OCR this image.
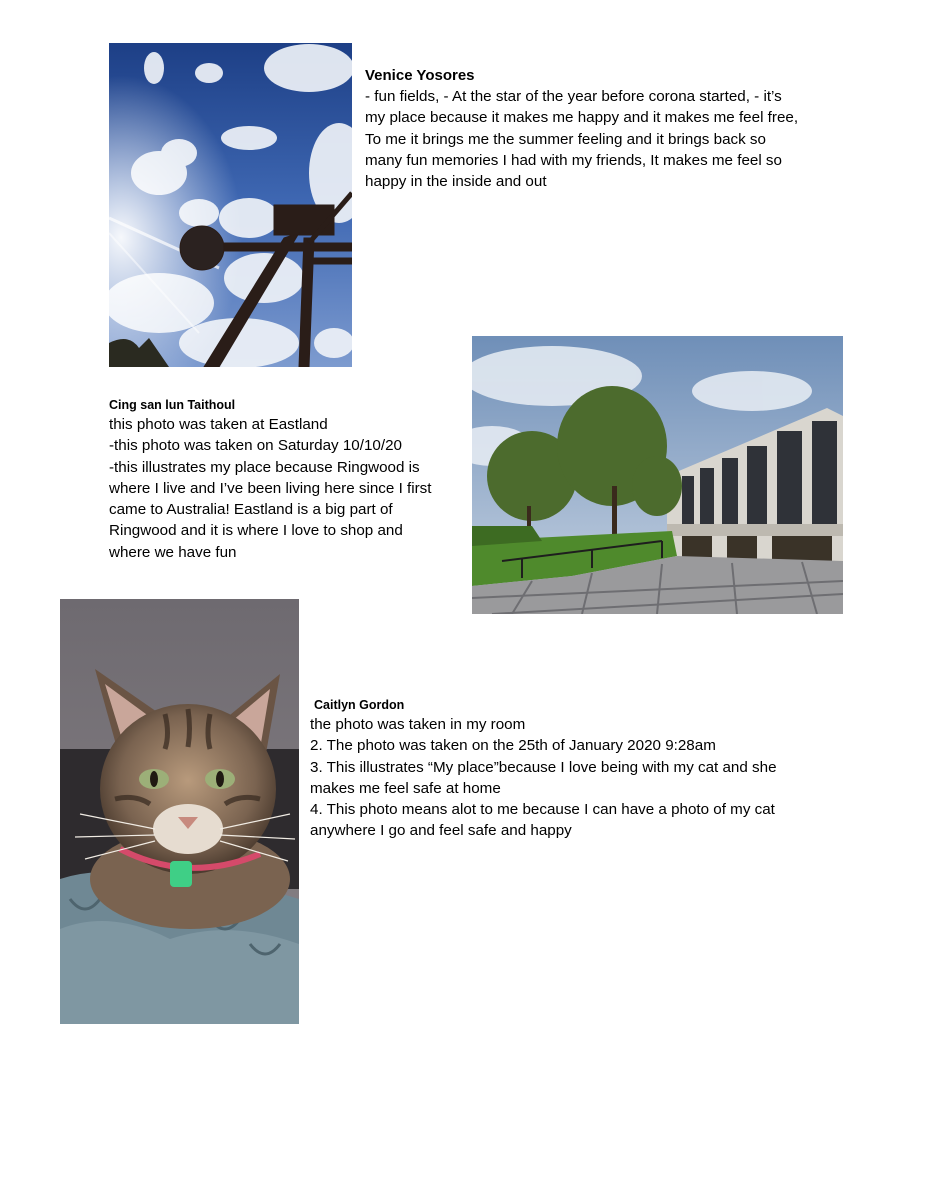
Venice Yosores
- fun fields, - At the star of the year before corona started, - it’s
my place because it makes me happy and it makes me feel free,
To me it brings me the summer feeling and it brings back so
many fun memories I had with my friends, It makes me feel so
happy in the inside and out
Cing san lun Taithoul
this photo was taken at Eastland
-this photo was taken on Saturday 10/10/20
-this illustrates my place because Ringwood is
where I live and I’ve been living here since I first
came to Australia! Eastland is a big part of
Ringwood and it is where I love to shop and
where we have fun
Caitlyn Gordon
the photo was taken in my room
2. The photo was taken on the 25th of January 2020 9:28am
3. This illustrates “My place”because I love being with my cat and she
makes me feel safe at home
4. This photo means alot to me because I can have a photo of my cat
anywhere I go and feel safe and happy
